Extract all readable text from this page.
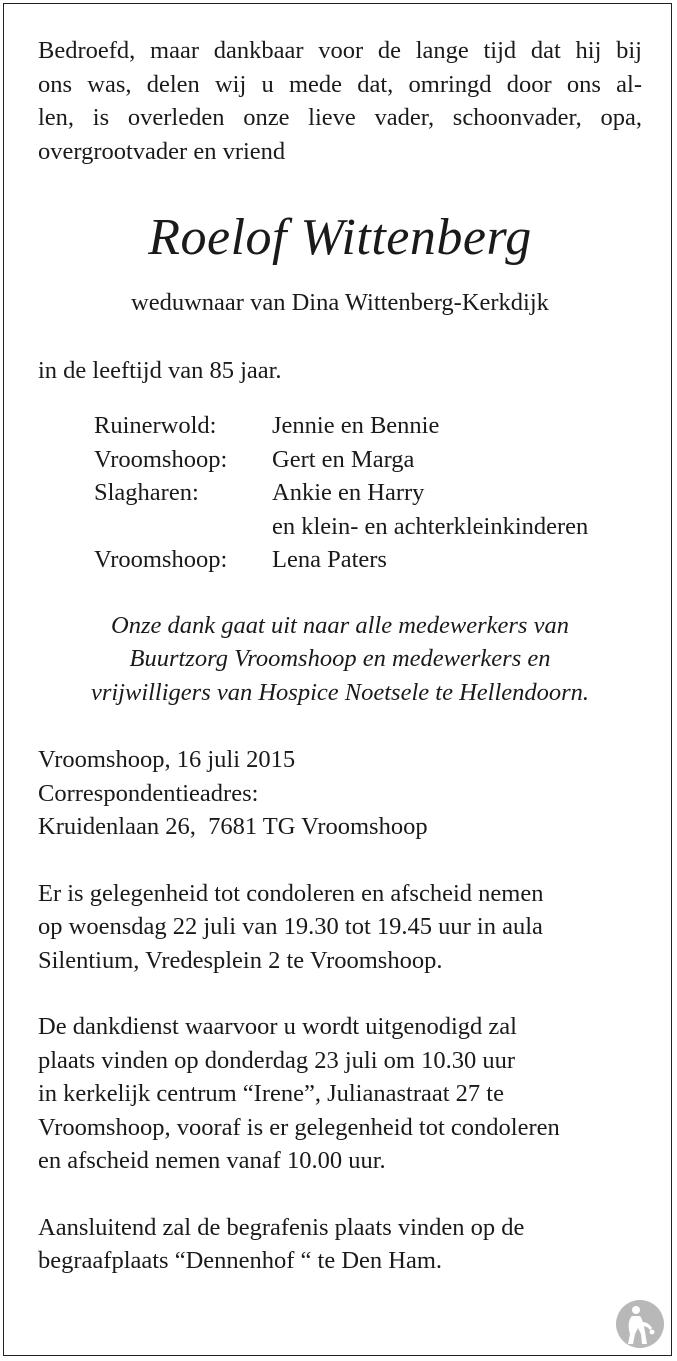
Bedroefd, maar dankbaar voor de lange tijd dat hij bij
ons was, delen wij u mede dat, omringd door ons al-
len, is overleden onze lieve vader, schoonvader, opa,
overgrootvader en vriend

Roelof Wittenberg

weduwnaar van Dina Wittenberg-Kerkdijk

in de leeftijd van 85 jaar.

Ruinerwold:	Jennie en Bennie
Vroomshoop:	Gert en Marga
Slagharen:	Ankie en Harry
en klein- en achterkleinkinderen
Vroomshoop:	Lena Paters

Onze dank gaat uit naar alle medewerkers van
Buurtzorg Vroomshoop en medewerkers en
vrijwilligers van Hospice Noetsele te Hellendoorn.

Vroomshoop, 16 juli 2015
Correspondentieadres:
Kruidenlaan 26,  7681 TG Vroomshoop

Er is gelegenheid tot condoleren en afscheid nemen
op woensdag 22 juli van 19.30 tot 19.45 uur in aula
Silentium, Vredesplein 2 te Vroomshoop.

De dankdienst waarvoor u wordt uitgenodigd zal
plaats vinden op donderdag 23 juli om 10.30 uur
in kerkelijk centrum “Irene”, Julianastraat 27 te
Vroomshoop, vooraf is er gelegenheid tot condoleren
en afscheid nemen vanaf 10.00 uur.

Aansluitend zal de begrafenis plaats vinden op de
begraafplaats “Dennenhof “ te Den Ham.
